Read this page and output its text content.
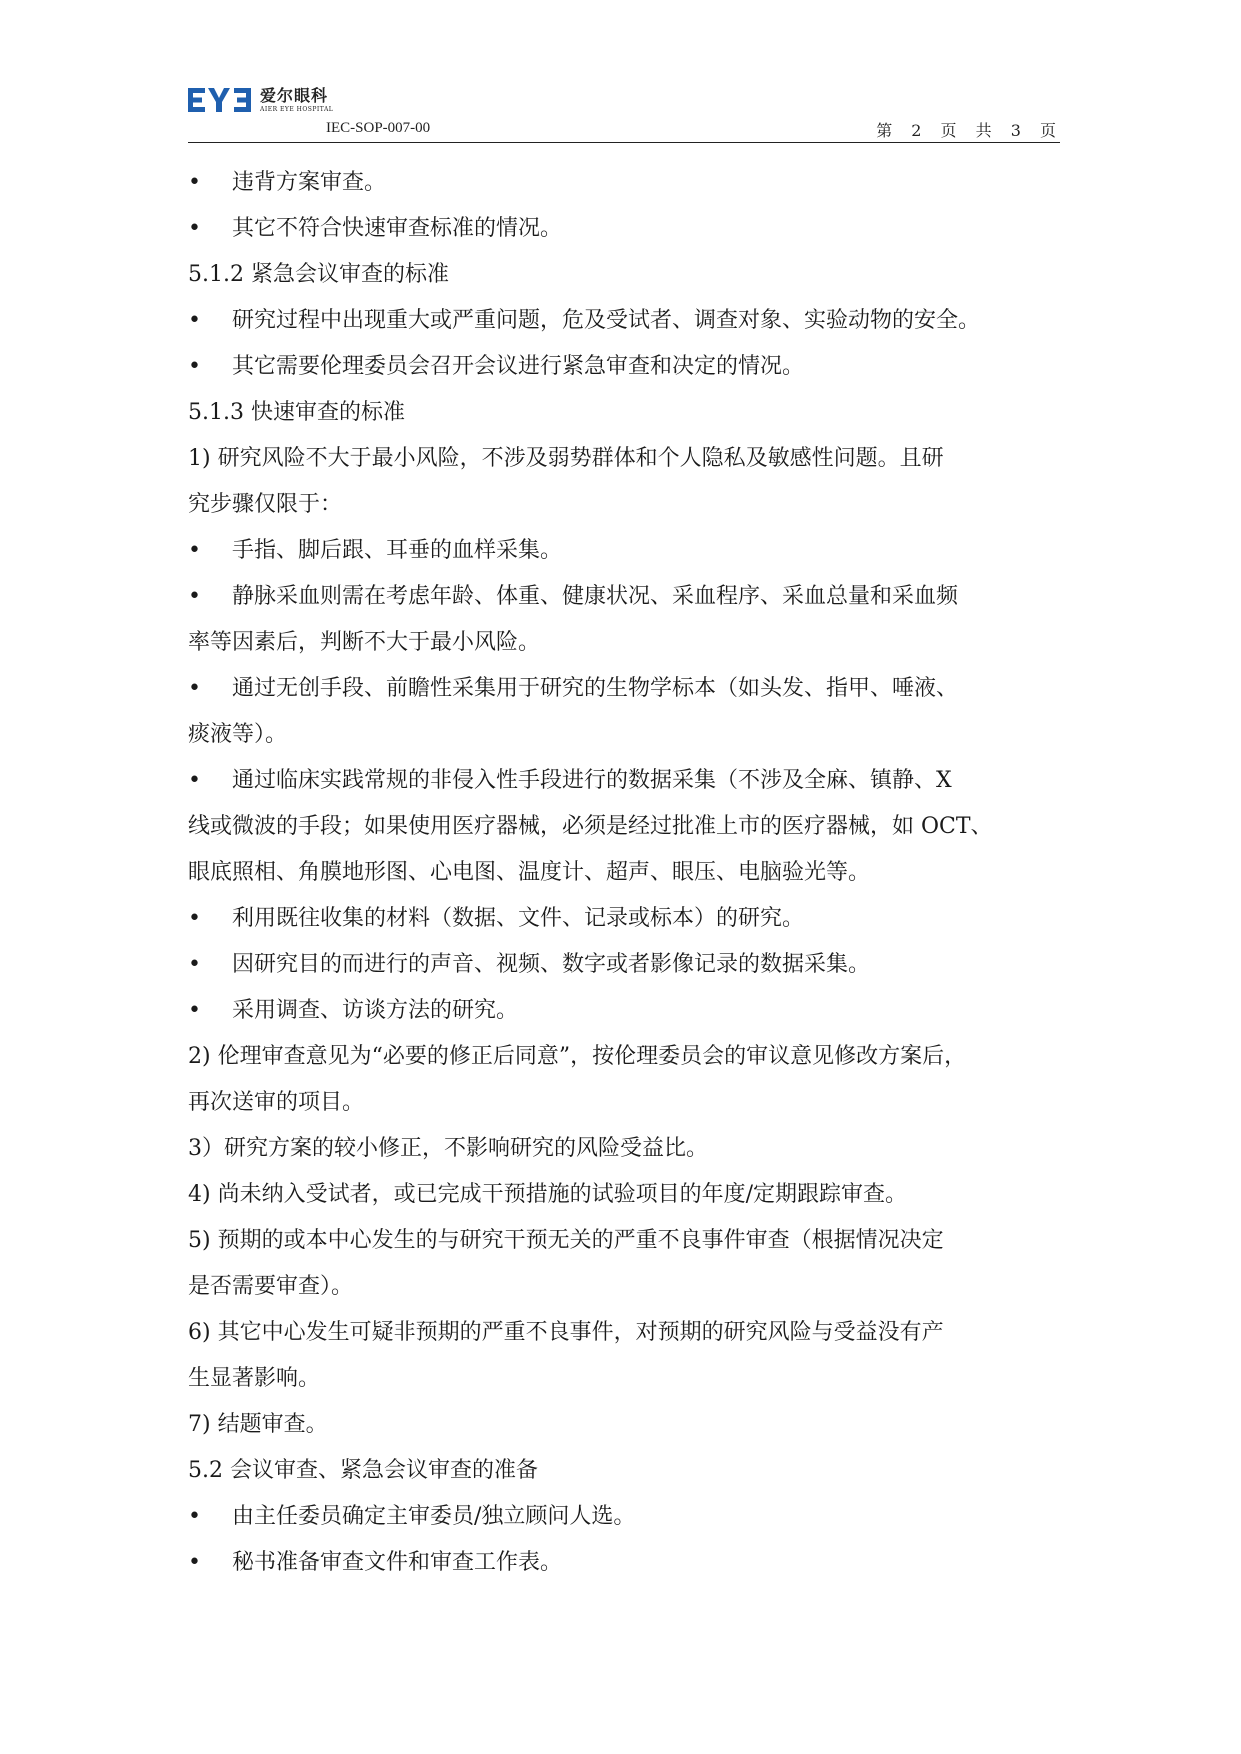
爱尔眼科
AIER EYE HOSPITAL
IEC-SOP-007-00	第 2 页 共 3 页

•	违背方案审查。

•	其它不符合快速审查标准的情况。

5.1.2 紧急会议审查的标准

•	研究过程中出现重大或严重问题，危及受试者、调查对象、实验动物的安全。

•	其它需要伦理委员会召开会议进行紧急审查和决定的情况。

5.1.3 快速审查的标准

1) 研究风险不大于最小风险，不涉及弱势群体和个人隐私及敏感性问题。且研

究步骤仅限于：

•	手指、脚后跟、耳垂的血样采集。

•	静脉采血则需在考虑年龄、体重、健康状况、采血程序、采血总量和采血频

率等因素后，判断不大于最小风险。

•	通过无创手段、前瞻性采集用于研究的生物学标本（如头发、指甲、唾液、

痰液等）。

•	通过临床实践常规的非侵入性手段进行的数据采集（不涉及全麻、镇静、X

线或微波的手段；如果使用医疗器械，必须是经过批准上市的医疗器械，如 OCT、

眼底照相、角膜地形图、心电图、温度计、超声、眼压、电脑验光等。

•	利用既往收集的材料（数据、文件、记录或标本）的研究。

•	因研究目的而进行的声音、视频、数字或者影像记录的数据采集。

•	采用调查、访谈方法的研究。

2) 伦理审查意见为“必要的修正后同意”，按伦理委员会的审议意见修改方案后，

再次送审的项目。

3）研究方案的较小修正，不影响研究的风险受益比。

4) 尚未纳入受试者，或已完成干预措施的试验项目的年度/定期跟踪审查。

5) 预期的或本中心发生的与研究干预无关的严重不良事件审查（根据情况决定

是否需要审查）。

6) 其它中心发生可疑非预期的严重不良事件，对预期的研究风险与受益没有产

生显著影响。

7) 结题审查。

5.2 会议审查、紧急会议审查的准备

•	由主任委员确定主审委员/独立顾问人选。

•	秘书准备审查文件和审查工作表。
